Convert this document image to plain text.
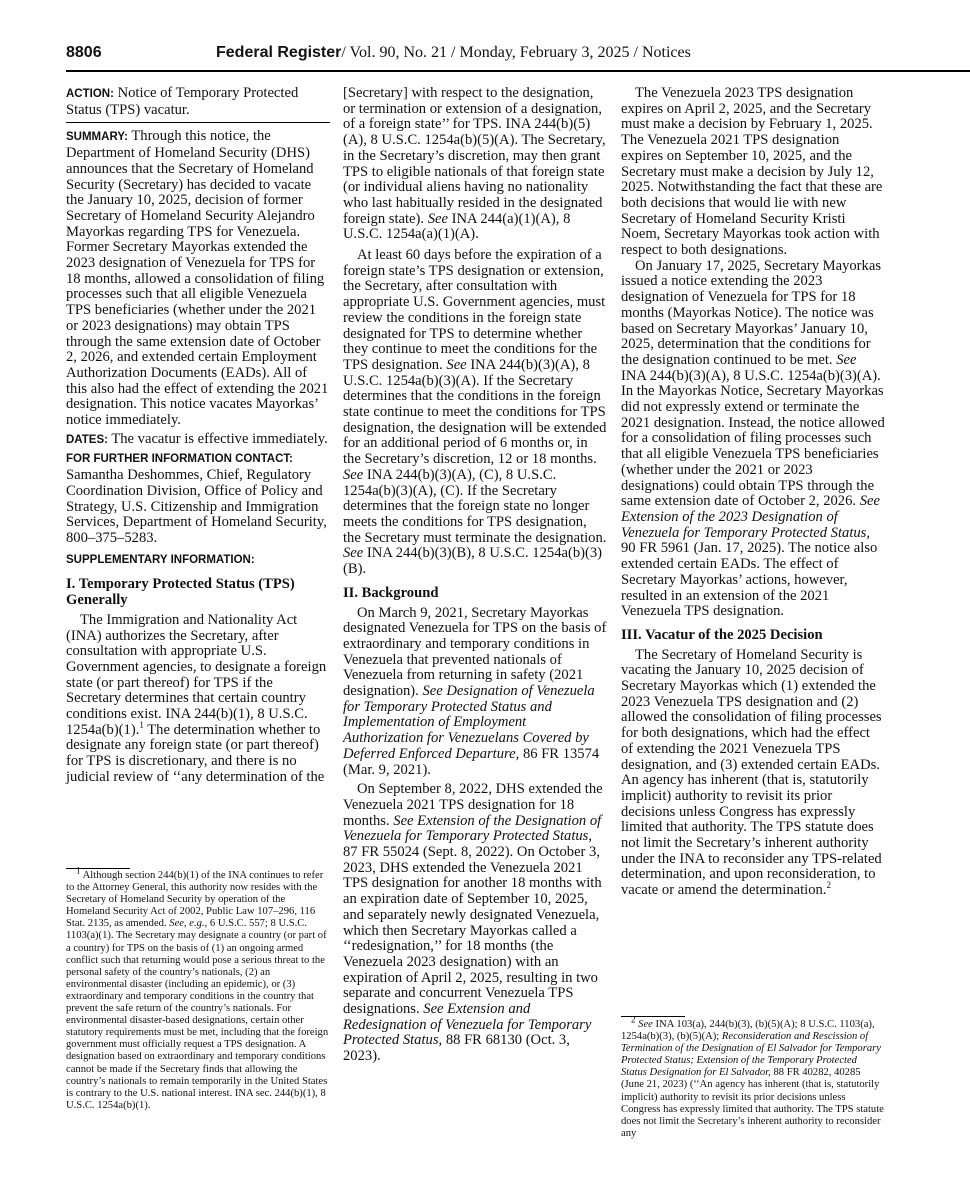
8806	Federal Register/ Vol. 90, No. 21 / Monday, February 3, 2025 / Notices

ACTION: Notice of Temporary Protected Status (TPS) vacatur.

SUMMARY: Through this notice, the Department of Homeland Security (DHS) announces that the Secretary of Homeland Security (Secretary) has decided to vacate the January 10, 2025, decision of former Secretary of Homeland Security Alejandro Mayorkas regarding TPS for Venezuela. Former Secretary Mayorkas extended the 2023 designation of Venezuela for TPS for 18 months, allowed a consolidation of filing processes such that all eligible Venezuela TPS beneficiaries (whether under the 2021 or 2023 designations) may obtain TPS through the same extension date of October 2, 2026, and extended certain Employment Authorization Documents (EADs). All of this also had the effect of extending the 2021 designation. This notice vacates Mayorkas’ notice immediately.

DATES: The vacatur is effective immediately.

FOR FURTHER INFORMATION CONTACT:
Samantha Deshommes, Chief, Regulatory Coordination Division, Office of Policy and Strategy, U.S. Citizenship and Immigration Services, Department of Homeland Security, 800–375–5283.

SUPPLEMENTARY INFORMATION:

I. Temporary Protected Status (TPS) Generally

The Immigration and Nationality Act (INA) authorizes the Secretary, after consultation with appropriate U.S. Government agencies, to designate a foreign state (or part thereof) for TPS if the Secretary determines that certain country conditions exist. INA 244(b)(1), 8 U.S.C. 1254a(b)(1).$^1$ The determination whether to designate any foreign state (or part thereof) for TPS is discretionary, and there is no judicial review of ‘‘any determination of the

$^1$ Although section 244(b)(1) of the INA continues to refer to the Attorney General, this authority now resides with the Secretary of Homeland Security by operation of the Homeland Security Act of 2002, Public Law 107–296, 116 Stat. 2135, as amended. See, e.g., 6 U.S.C. 557; 8 U.S.C. 1103(a)(1). The Secretary may designate a country (or part of a country) for TPS on the basis of (1) an ongoing armed conflict such that returning would pose a serious threat to the personal safety of the country’s nationals, (2) an environmental disaster (including an epidemic), or (3) extraordinary and temporary conditions in the country that prevent the safe return of the country’s nationals. For environmental disaster-based designations, certain other statutory requirements must be met, including that the foreign government must officially request a TPS designation. A designation based on extraordinary and temporary conditions cannot be made if the Secretary finds that allowing the country’s nationals to remain temporarily in the United States is contrary to the U.S. national interest. INA sec. 244(b)(1), 8 U.S.C. 1254a(b)(1).

[Secretary] with respect to the designation, or termination or extension of a designation, of a foreign state’’ for TPS. INA 244(b)(5)(A), 8 U.S.C. 1254a(b)(5)(A). The Secretary, in the Secretary’s discretion, may then grant TPS to eligible nationals of that foreign state (or individual aliens having no nationality who last habitually resided in the designated foreign state). See INA 244(a)(1)(A), 8 U.S.C. 1254a(a)(1)(A).

At least 60 days before the expiration of a foreign state’s TPS designation or extension, the Secretary, after consultation with appropriate U.S. Government agencies, must review the conditions in the foreign state designated for TPS to determine whether they continue to meet the conditions for the TPS designation. See INA 244(b)(3)(A), 8 U.S.C. 1254a(b)(3)(A). If the Secretary determines that the conditions in the foreign state continue to meet the conditions for TPS designation, the designation will be extended for an additional period of 6 months or, in the Secretary’s discretion, 12 or 18 months. See INA 244(b)(3)(A), (C), 8 U.S.C. 1254a(b)(3)(A), (C). If the Secretary determines that the foreign state no longer meets the conditions for TPS designation, the Secretary must terminate the designation. See INA 244(b)(3)(B), 8 U.S.C. 1254a(b)(3)(B).

II. Background

On March 9, 2021, Secretary Mayorkas designated Venezuela for TPS on the basis of extraordinary and temporary conditions in Venezuela that prevented nationals of Venezuela from returning in safety (2021 designation). See Designation of Venezuela for Temporary Protected Status and Implementation of Employment Authorization for Venezuelans Covered by Deferred Enforced Departure, 86 FR 13574 (Mar. 9, 2021).

On September 8, 2022, DHS extended the Venezuela 2021 TPS designation for 18 months. See Extension of the Designation of Venezuela for Temporary Protected Status, 87 FR 55024 (Sept. 8, 2022). On October 3, 2023, DHS extended the Venezuela 2021 TPS designation for another 18 months with an expiration date of September 10, 2025, and separately newly designated Venezuela, which then Secretary Mayorkas called a ‘‘redesignation,’’ for 18 months (the Venezuela 2023 designation) with an expiration of April 2, 2025, resulting in two separate and concurrent Venezuela TPS designations. See Extension and Redesignation of Venezuela for Temporary Protected Status, 88 FR 68130 (Oct. 3, 2023).

The Venezuela 2023 TPS designation expires on April 2, 2025, and the Secretary must make a decision by February 1, 2025. The Venezuela 2021 TPS designation expires on September 10, 2025, and the Secretary must make a decision by July 12, 2025. Notwithstanding the fact that these are both decisions that would lie with new Secretary of Homeland Security Kristi Noem, Secretary Mayorkas took action with respect to both designations.

On January 17, 2025, Secretary Mayorkas issued a notice extending the 2023 designation of Venezuela for TPS for 18 months (Mayorkas Notice). The notice was based on Secretary Mayorkas’ January 10, 2025, determination that the conditions for the designation continued to be met. See INA 244(b)(3)(A), 8 U.S.C. 1254a(b)(3)(A). In the Mayorkas Notice, Secretary Mayorkas did not expressly extend or terminate the 2021 designation. Instead, the notice allowed for a consolidation of filing processes such that all eligible Venezuela TPS beneficiaries (whether under the 2021 or 2023 designations) could obtain TPS through the same extension date of October 2, 2026. See Extension of the 2023 Designation of Venezuela for Temporary Protected Status, 90 FR 5961 (Jan. 17, 2025). The notice also extended certain EADs. The effect of Secretary Mayorkas’ actions, however, resulted in an extension of the 2021 Venezuela TPS designation.

III. Vacatur of the 2025 Decision

The Secretary of Homeland Security is vacating the January 10, 2025 decision of Secretary Mayorkas which (1) extended the 2023 Venezuela TPS designation and (2) allowed the consolidation of filing processes for both designations, which had the effect of extending the 2021 Venezuela TPS designation, and (3) extended certain EADs. An agency has inherent (that is, statutorily implicit) authority to revisit its prior decisions unless Congress has expressly limited that authority. The TPS statute does not limit the Secretary’s inherent authority under the INA to reconsider any TPS-related determination, and upon reconsideration, to vacate or amend the determination.$^2$

$^2$ See INA 103(a), 244(b)(3), (b)(5)(A); 8 U.S.C. 1103(a), 1254a(b)(3), (b)(5)(A); Reconsideration and Rescission of Termination of the Designation of El Salvador for Temporary Protected Status; Extension of the Temporary Protected Status Designation for El Salvador, 88 FR 40282, 40285 (June 21, 2023) (‘‘An agency has inherent (that is, statutorily implicit) authority to revisit its prior decisions unless Congress has expressly limited that authority. The TPS statute does not limit the Secretary’s inherent authority to reconsider any
